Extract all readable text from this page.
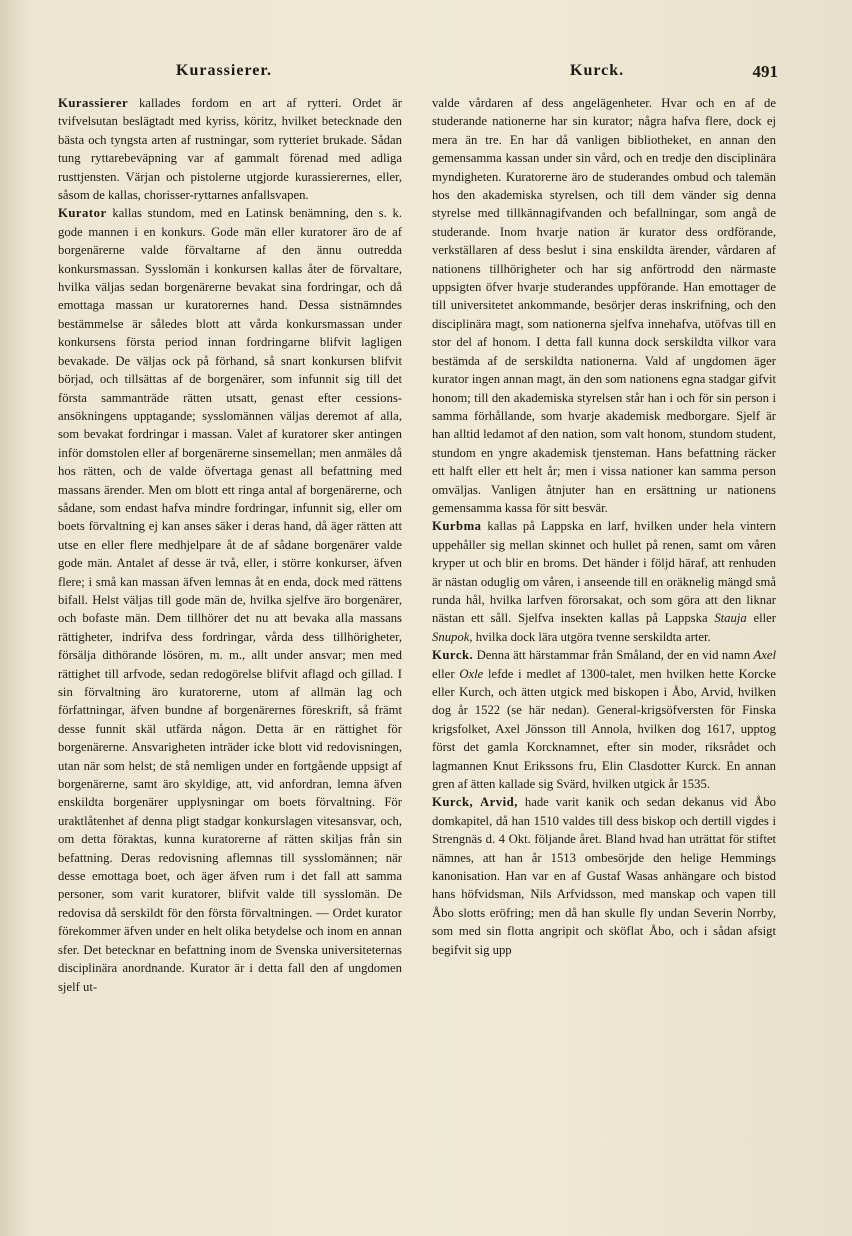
Kurassierer.	Kurck.	491

Kurassierer kallades fordom en art af rytteri. Ordet är tvifvelsutan beslägtadt med kyriss, köritz, hvilket betecknade den bästa och tyngsta arten af rustningar, som rytteriet brukade. Sådan tung ryttarebeväpning var af gammalt förenad med adliga rusttjensten. Värjan och pistolerne utgjorde kurassierernes, eller, såsom de kallas, chorisser-ryttarnes anfallsvapen.

Kurator kallas stundom, med en Latinsk benämning, den s. k. gode mannen i en konkurs. Gode män eller kuratorer äro de af borgenärerne valde förvaltarne af den ännu outredda konkursmassan. Sysslomän i konkursen kallas åter de förvaltare, hvilka väljas sedan borgenärerne bevakat sina fordringar, och då emottaga massan ur kuratorernes hand. Dessa sistnämndes bestämmelse är således blott att vårda konkursmassan under konkursens första period innan fordringarne blifvit lagligen bevakade. De väljas ock på förhand, så snart konkursen blifvit börjad, och tillsättas af de borgenärer, som infunnit sig till det första sammanträde rätten utsatt, genast efter cessions-ansökningens upptagande; sysslomännen väljas deremot af alla, som bevakat fordringar i massan. Valet af kuratorer sker antingen inför domstolen eller af borgenärerne sinsemellan; men anmäles då hos rätten, och de valde öfvertaga genast all befattning med massans ärender. Men om blott ett ringa antal af borgenärerne, och sådane, som endast hafva mindre fordringar, infunnit sig, eller om boets förvaltning ej kan anses säker i deras hand, då äger rätten att utse en eller flere medhjelpare åt de af sådane borgenärer valde gode män. Antalet af desse är två, eller, i större konkurser, äfven flere; i små kan massan äfven lemnas åt en enda, dock med rättens bifall. Helst väljas till gode män de, hvilka sjelfve äro borgenärer, och bofaste män. Dem tillhörer det nu att bevaka alla massans rättigheter, indrifva dess fordringar, vårda dess tillhörigheter, försälja dithörande lösören, m. m., allt under ansvar; men med rättighet till arfvode, sedan redogörelse blifvit aflagd och gillad. I sin förvaltning äro kuratorerne, utom af allmän lag och författningar, äfven bundne af borgenärernes föreskrift, så främt desse funnit skäl utfärda någon. Detta är en rättighet för borgenärerne. Ansvarigheten inträder icke blott vid redovisningen, utan när som helst; de stå nemligen under en fortgående uppsigt af borgenärerne, samt äro skyldige, att, vid anfordran, lemna äfven enskildta borgenärer upplysningar om boets förvaltning. För uraktlåtenhet af denna pligt stadgar konkurslagen vitesansvar, och, om detta föraktas, kunna kuratorerne af rätten skiljas från sin befattning. Deras redovisning aflemnas till sysslomännen; när desse emottaga boet, och äger äfven rum i det fall att samma personer, som varit kuratorer, blifvit valde till sysslomän. De redovisa då serskildt för den första förvaltningen. — Ordet kurator förekommer äfven under en helt olika betydelse och inom en annan sfer. Det betecknar en befattning inom de Svenska universiteternas disciplinära anordnande. Kurator är i detta fall den af ungdomen sjelf ut-

valde vårdaren af dess angelägenheter. Hvar och en af de studerande nationerne har sin kurator; några hafva flere, dock ej mera än tre. En har då vanligen bibliotheket, en annan den gemensamma kassan under sin vård, och en tredje den disciplinära myndigheten. Kuratorerne äro de studerandes ombud och talemän hos den akademiska styrelsen, och till dem vänder sig denna styrelse med tillkännagifvanden och befallningar, som angå de studerande. Inom hvarje nation är kurator dess ordförande, verkställaren af dess beslut i sina enskildta ärender, vårdaren af nationens tillhörigheter och har sig anförtrodd den närmaste uppsigten öfver hvarje studerandes uppförande. Han emottager de till universitetet ankommande, besörjer deras inskrifning, och den disciplinära magt, som nationerna sjelfva innehafva, utöfvas till en stor del af honom. I detta fall kunna dock serskildta vilkor vara bestämda af de serskildta nationerna. Vald af ungdomen äger kurator ingen annan magt, än den som nationens egna stadgar gifvit honom; till den akademiska styrelsen står han i och för sin person i samma förhållande, som hvarje akademisk medborgare. Sjelf är han alltid ledamot af den nation, som valt honom, stundom student, stundom en yngre akademisk tjensteman. Hans befattning räcker ett halft eller ett helt år; men i vissa nationer kan samma person omväljas. Vanligen åtnjuter han en ersättning ur nationens gemensamma kassa för sitt besvär.

Kurbma kallas på Lappska en larf, hvilken under hela vintern uppehåller sig mellan skinnet och hullet på renen, samt om våren kryper ut och blir en broms. Det händer i följd häraf, att renhuden är nästan oduglig om våren, i anseende till en oräknelig mängd små runda hål, hvilka larfven förorsakat, och som göra att den liknar nästan ett såll. Sjelfva insekten kallas på Lappska Stauja eller Snupok, hvilka dock lära utgöra tvenne serskildta arter.

Kurck. Denna ätt härstammar från Småland, der en vid namn Axel eller Oxle lefde i medlet af 1300-talet, men hvilken hette Korcke eller Kurch, och ätten utgick med biskopen i Åbo, Arvid, hvilken dog år 1522 (se här nedan). General-krigsöfversten för Finska krigsfolket, Axel Jönsson till Annola, hvilken dog 1617, upptog först det gamla Korcknamnet, efter sin moder, riksrådet och lagmannen Knut Erikssons fru, Elin Clasdotter Kurck. En annan gren af ätten kallade sig Svärd, hvilken utgick år 1535.

Kurck, Arvid, hade varit kanik och sedan dekanus vid Åbo domkapitel, då han 1510 valdes till dess biskop och dertill vigdes i Strengnäs d. 4 Okt. följande året. Bland hvad han uträttat för stiftet nämnes, att han år 1513 ombesörjde den helige Hemmings kanonisation. Han var en af Gustaf Wasas anhängare och bistod hans höfvidsman, Nils Arfvidsson, med manskap och vapen till Åbo slotts eröfring; men då han skulle fly undan Severin Norrby, som med sin flotta angripit och sköflat Åbo, och i sådan afsigt begifvit sig upp
